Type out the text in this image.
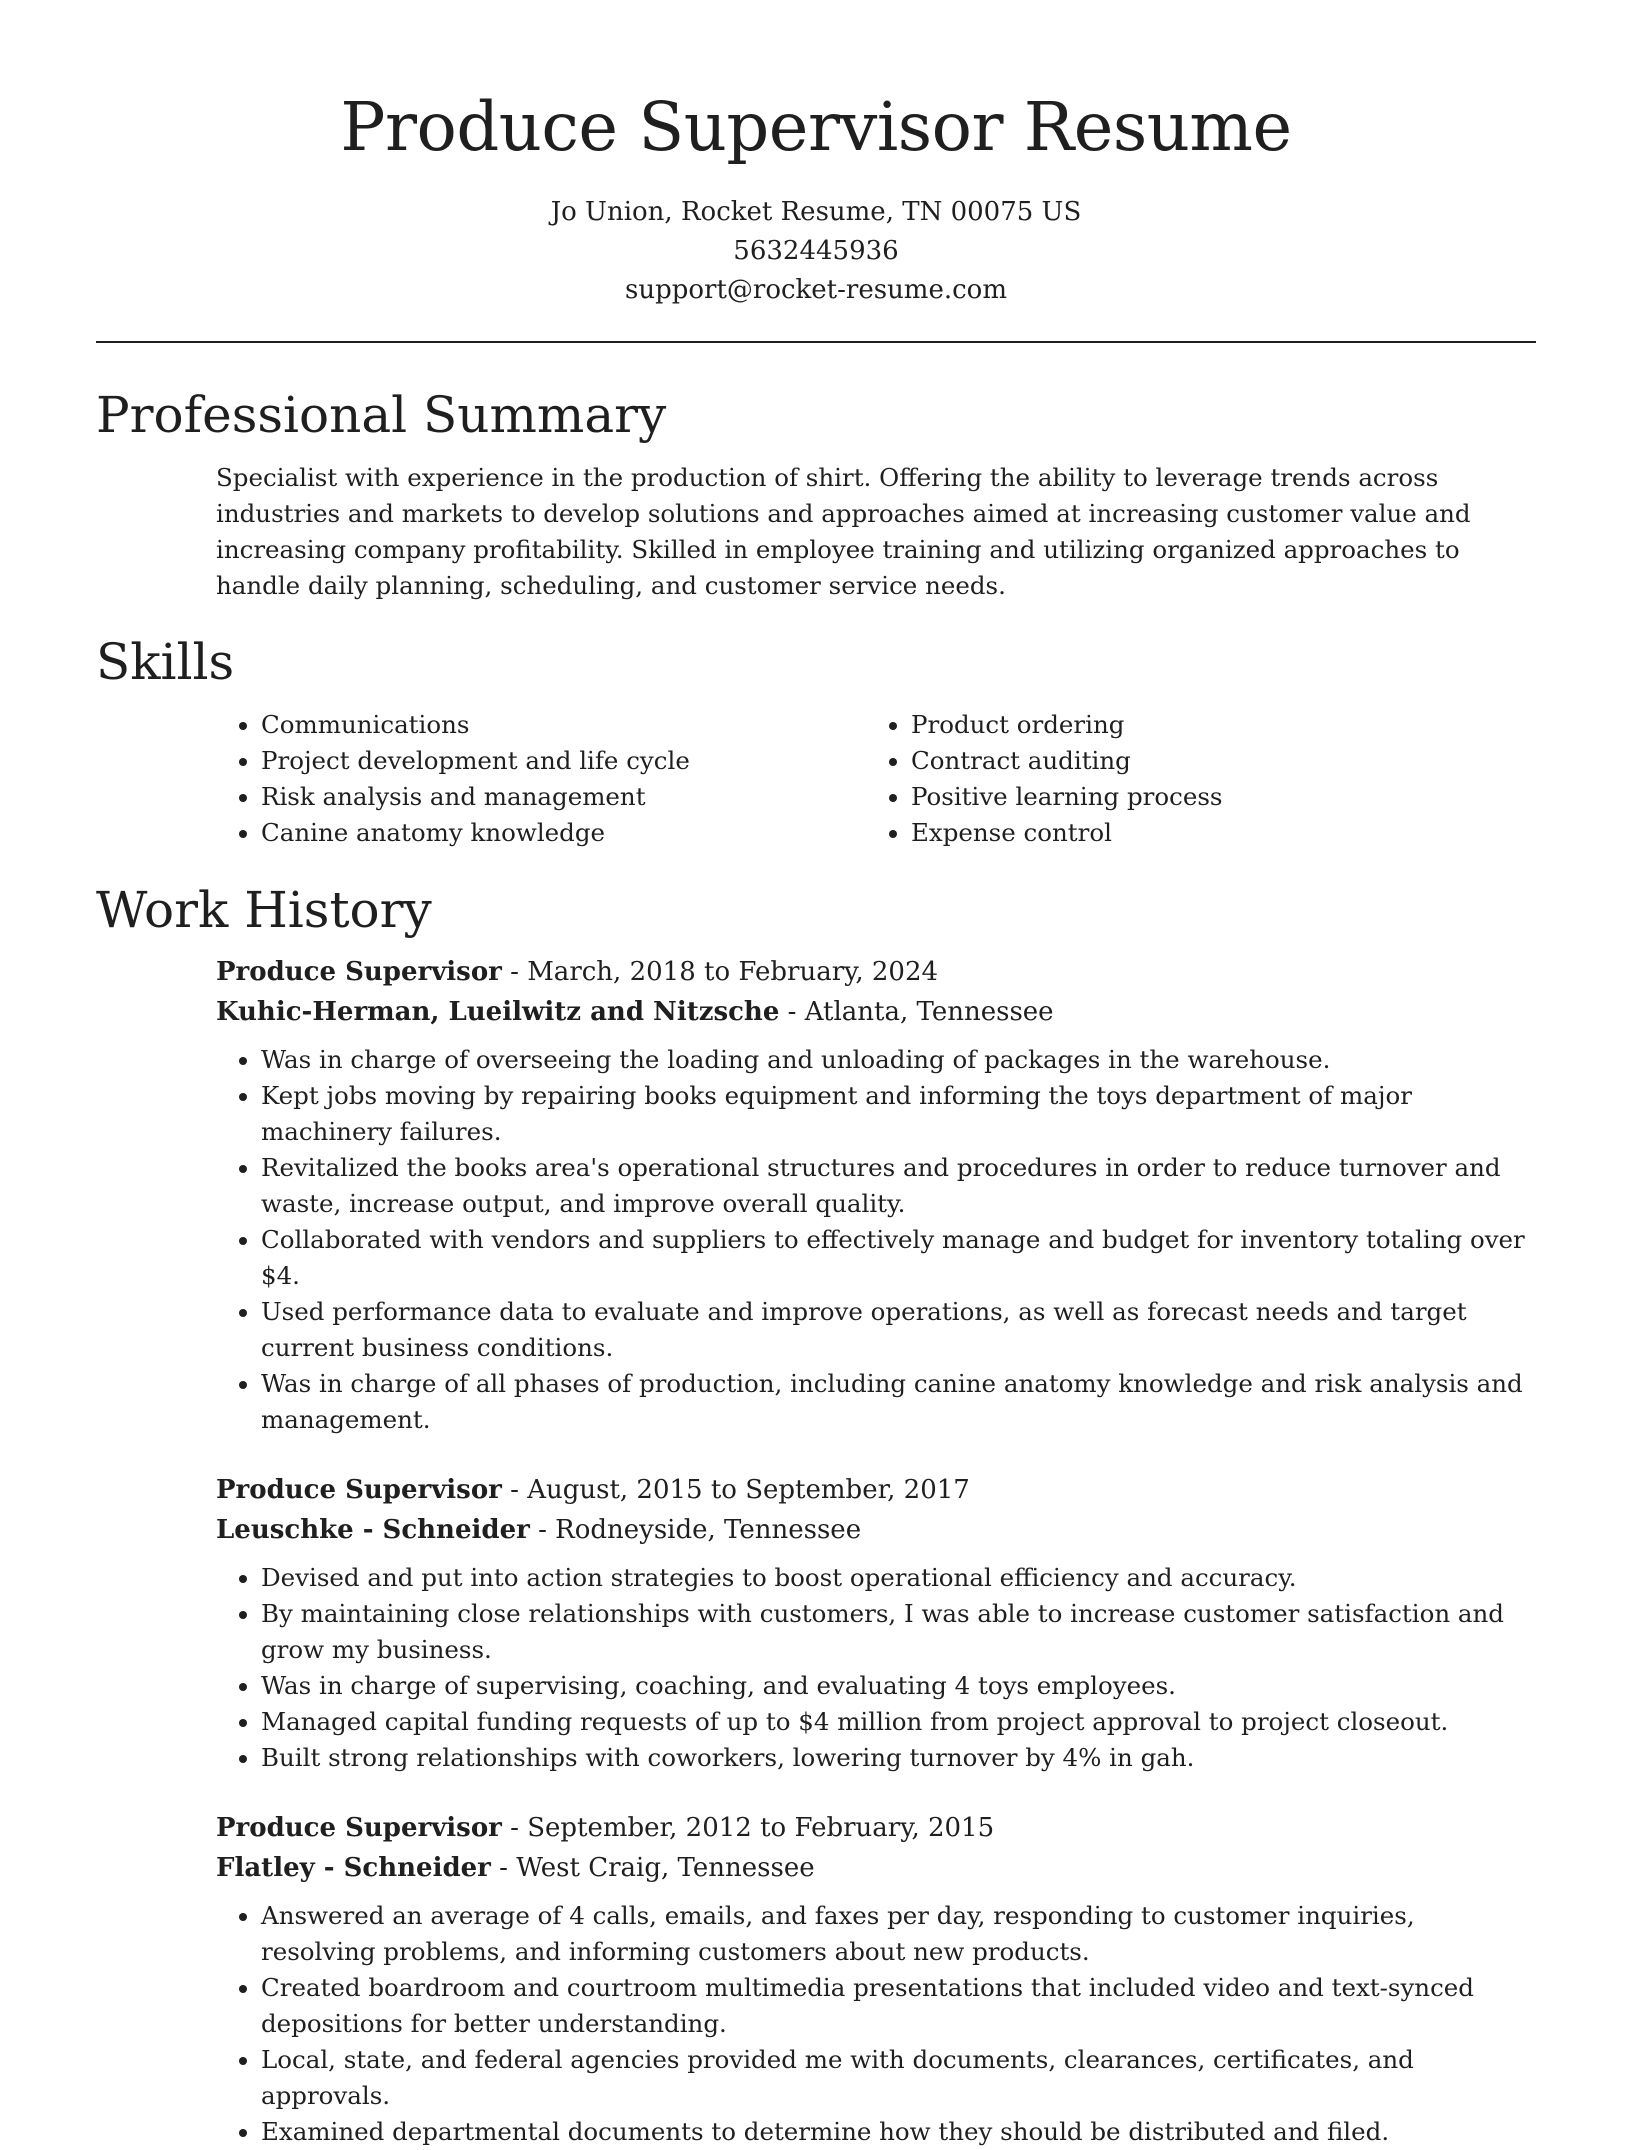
Produce Supervisor Resume
Jo Union, Rocket Resume, TN 00075 US
5632445936
support@rocket-resume.com
Professional Summary

Specialist with experience in the production of shirt. Offering the ability to leverage trends across industries and markets to develop solutions and approaches aimed at increasing customer value and increasing company profitability. Skilled in employee training and utilizing organized approaches to handle daily planning, scheduling, and customer service needs.

Skills
• Communications
• Project development and life cycle
• Risk analysis and management
• Canine anatomy knowledge
• Product ordering
• Contract auditing
• Positive learning process
• Expense control
Work History

Produce Supervisor - March, 2018 to February, 2024

Kuhic-Herman, Lueilwitz and Nitzsche - Atlanta, Tennessee

• Was in charge of overseeing the loading and unloading of packages in the warehouse.
• Kept jobs moving by repairing books equipment and informing the toys department of major machinery failures.
• Revitalized the books area's operational structures and procedures in order to reduce turnover and waste, increase output, and improve overall quality.
• Collaborated with vendors and suppliers to effectively manage and budget for inventory totaling over $4.
• Used performance data to evaluate and improve operations, as well as forecast needs and target current business conditions.
• Was in charge of all phases of production, including canine anatomy knowledge and risk analysis and management.

Produce Supervisor - August, 2015 to September, 2017

Leuschke - Schneider - Rodneyside, Tennessee

• Devised and put into action strategies to boost operational efficiency and accuracy.
• By maintaining close relationships with customers, I was able to increase customer satisfaction and grow my business.
• Was in charge of supervising, coaching, and evaluating 4 toys employees.
• Managed capital funding requests of up to $4 million from project approval to project closeout.
• Built strong relationships with coworkers, lowering turnover by 4% in gah.

Produce Supervisor - September, 2012 to February, 2015

Flatley - Schneider - West Craig, Tennessee

• Answered an average of 4 calls, emails, and faxes per day, responding to customer inquiries, resolving problems, and informing customers about new products.
• Created boardroom and courtroom multimedia presentations that included video and text-synced depositions for better understanding.
• Local, state, and federal agencies provided me with documents, clearances, certificates, and approvals.
• Examined departmental documents to determine how they should be distributed and filed.
